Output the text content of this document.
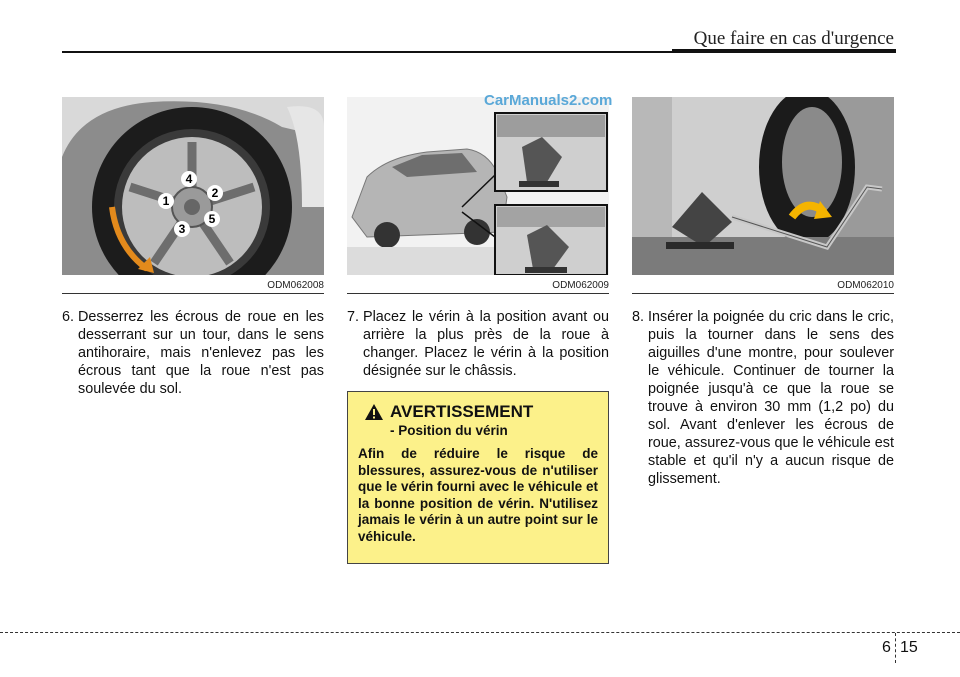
Que faire en cas d'urgence
1
2
3
4
5
CarManuals2.com
ODM062008	ODM062009	ODM062010
6. Desserrez les écrous de roue en les desserrant sur un tour, dans le sens antihoraire, mais n'enlevez pas les écrous tant que la roue n'est pas soulevée du sol.
7. Placez le vérin à la position avant ou arrière la plus près de la roue à changer. Placez le vérin à la position désignée sur le châssis.
8. Insérer la poignée du cric dans le cric, puis la tourner dans le sens des aiguilles d'une montre, pour soulever le véhicule. Continuer de tourner la poignée jusqu'à ce que la roue se trouve à environ 30 mm (1,2 po) du sol. Avant d'enlever les écrous de roue, assurez-vous que le véhicule est stable et qu'il n'y a aucun risque de glissement.
AVERTISSEMENT
- Position du vérin
Afin de réduire le risque de blessures, assurez-vous de n'utiliser que le vérin fourni avec le véhicule et la bonne position de vérin. N'utilisez jamais le vérin à un autre point sur le véhicule.
6 15
